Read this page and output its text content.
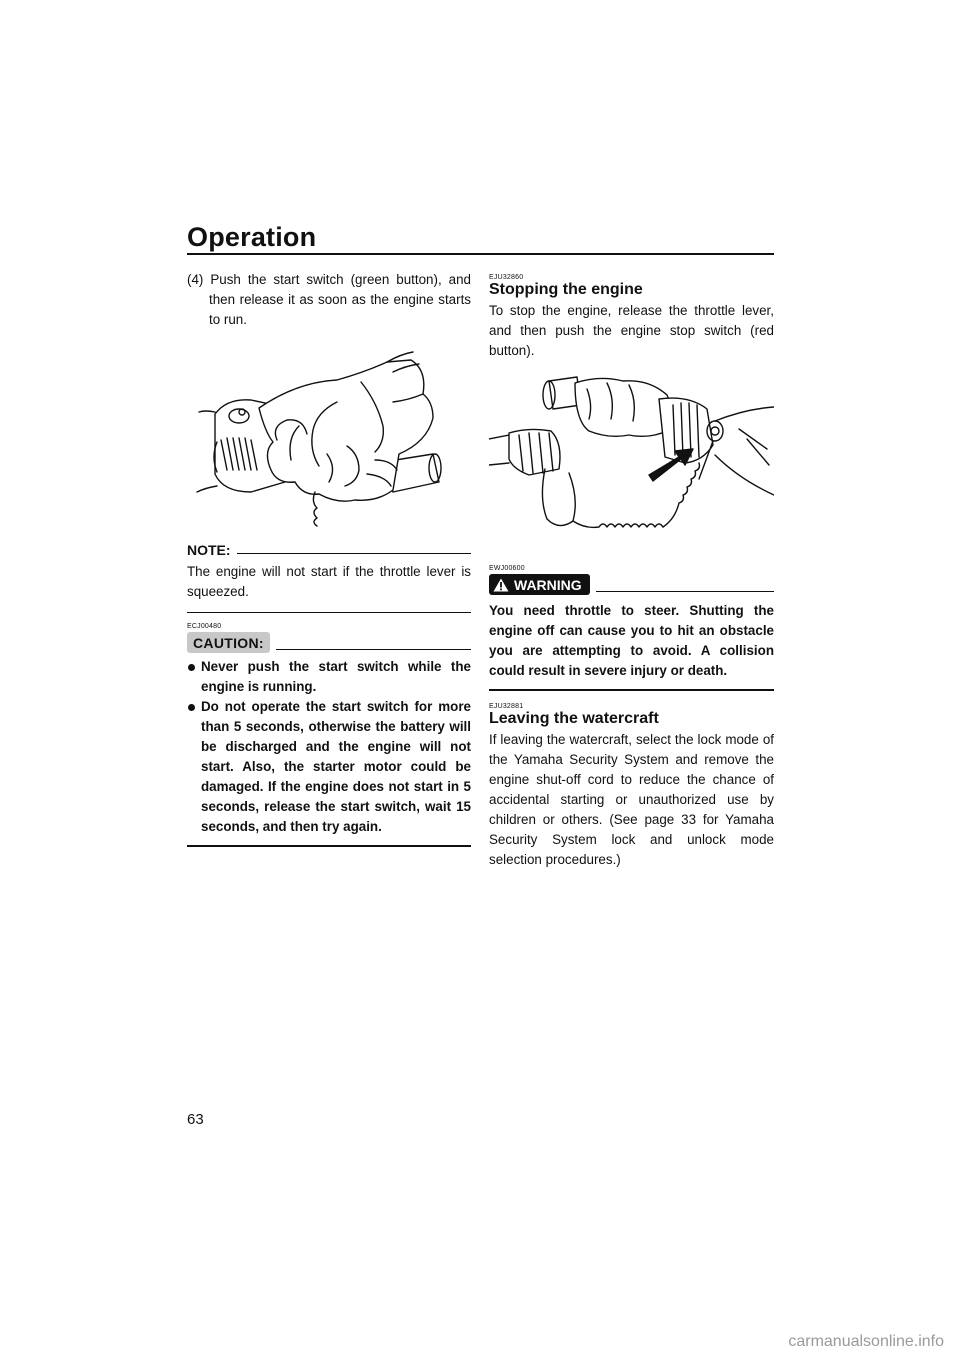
Operation

(4) Push the start switch (green button), and then release it as soon as the engine starts to run.

NOTE:

The engine will not start if the throttle lever is squeezed.

ECJ00480
CAUTION:
Never push the start switch while the engine is running.
Do not operate the start switch for more than 5 seconds, otherwise the battery will be discharged and the engine will not start. Also, the starter motor could be damaged. If the engine does not start in 5 seconds, release the start switch, wait 15 seconds, and then try again.
EJU32860
Stopping the engine

To stop the engine, release the throttle lever, and then push the engine stop switch (red button).

EWJ00600
WARNING

You need throttle to steer. Shutting the engine off can cause you to hit an obstacle you are attempting to avoid. A collision could result in severe injury or death.

EJU32881
Leaving the watercraft

If leaving the watercraft, select the lock mode of the Yamaha Security System and remove the engine shut-off cord to reduce the chance of accidental starting or unauthorized use by children or others. (See page 33 for Yamaha Security System lock and unlock mode selection procedures.)

63
carmanualsonline.info
